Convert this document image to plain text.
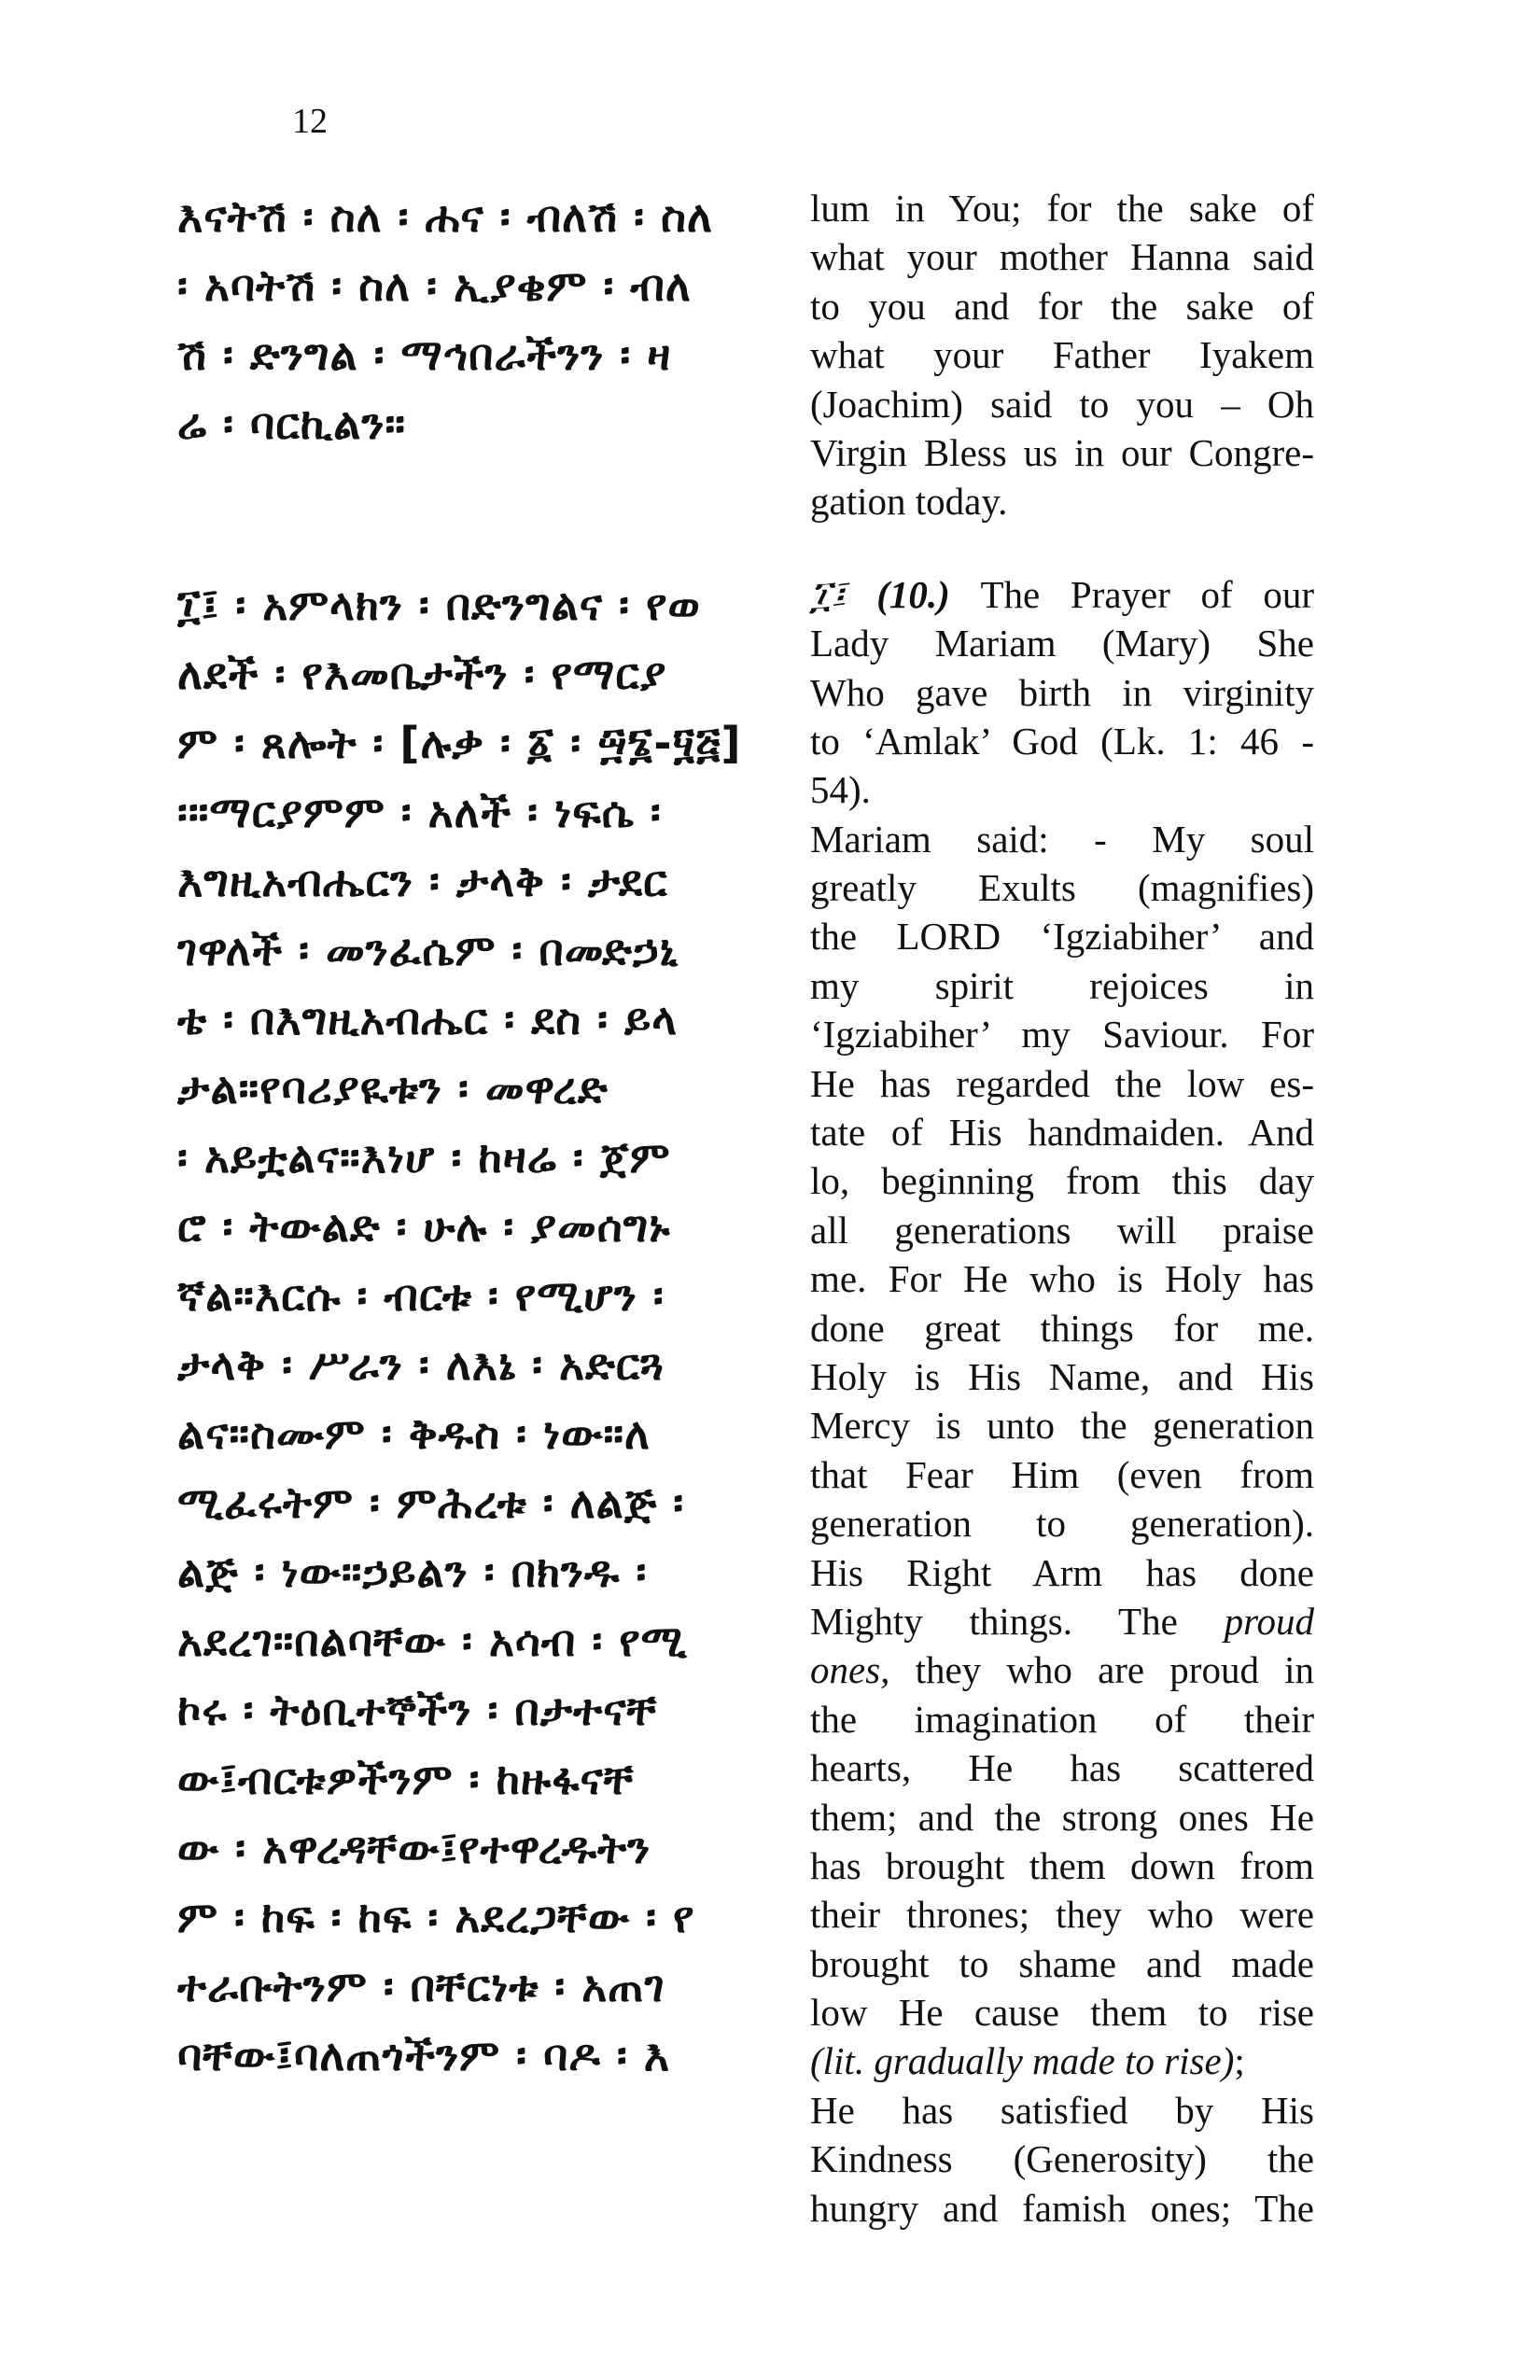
12
እናትሽ ፡ ስለ ፡ ሐና ፡ ብለሽ ፡ ስለ
፡ አባትሽ ፡ ስለ ፡ ኢያቄም ፡ ብለ
ሽ ፡ ድንግል ፡ ማኅበራችንን ፡ ዛ
ሬ ፡ ባርኪልን።
፲፤ ፡ አምላክን ፡ በድንግልና ፡ የወ
ለደች ፡ የእመቤታችን ፡ የማርያ
ም ፡ ጸሎት ፡ [ሉቃ ፡ ፩ ፡ ፵፮-፶፭]
፡።ማርያምም ፡ አለች ፡ ነፍሴ ፡
እግዚአብሔርን ፡ ታላቅ ፡ ታደር
ገዋለች ፡ መንፈሴም ፡ በመድኃኒ
ቴ ፡ በእግዚአብሔር ፡ ደስ ፡ ይላ
ታል።የባሪያዪቱን ፡ መዋረድ
፡ አይቷልና።እነሆ ፡ ከዛሬ ፡ ጀም
ሮ ፡ ትውልድ ፡ ሁሉ ፡ ያመሰግኑ
ኛል።እርሱ ፡ ብርቱ ፡ የሚሆን ፡
ታላቅ ፡ ሥራን ፡ ለእኔ ፡ አድርጓ
ልና።ስሙም ፡ ቅዱስ ፡ ነው።ለ
ሚፈሩትም ፡ ምሕረቱ ፡ ለልጅ ፡
ልጅ ፡ ነው።ኃይልን ፡ በክንዱ ፡
አደረገ።በልባቸው ፡ አሳብ ፡ የሚ
ኮሩ ፡ ትዕቢተኞችን ፡ በታተናቸ
ው፤ብርቱዎችንም ፡ ከዙፋናቸ
ው ፡ አዋረዳቸው፤የተዋረዱትን
ም ፡ ከፍ ፡ ከፍ ፡ አደረጋቸው ፡ የ
ተራቡትንም ፡ በቸርነቱ ፡ አጠገ
ባቸው፤ባለጠጎችንም ፡ ባዶ ፡ እ
lum in You; for the sake of
what your mother Hanna said
to you and for the sake of
what your Father Iyakem
(Joachim) said to you – Oh
Virgin Bless us in our Congre-
gation today.
፲፤ (10.) The Prayer of our
Lady Mariam (Mary) She
Who gave birth in virginity
to ‘Amlak’ God (Lk. 1: 46 -
54).
Mariam said: - My soul
greatly Exults (magnifies)
the LORD ‘Igziabiher’ and
my spirit rejoices in
‘Igziabiher’ my Saviour. For
He has regarded the low es-
tate of His handmaiden. And
lo, beginning from this day
all generations will praise
me. For He who is Holy has
done great things for me.
Holy is His Name, and His
Mercy is unto the generation
that Fear Him (even from
generation to generation).
His Right Arm has done
Mighty things. The proud
ones, they who are proud in
the imagination of their
hearts, He has scattered
them; and the strong ones He
has brought them down from
their thrones; they who were
brought to shame and made
low He cause them to rise
(lit. gradually made to rise);
He has satisfied by His
Kindness (Generosity) the
hungry and famish ones; The
